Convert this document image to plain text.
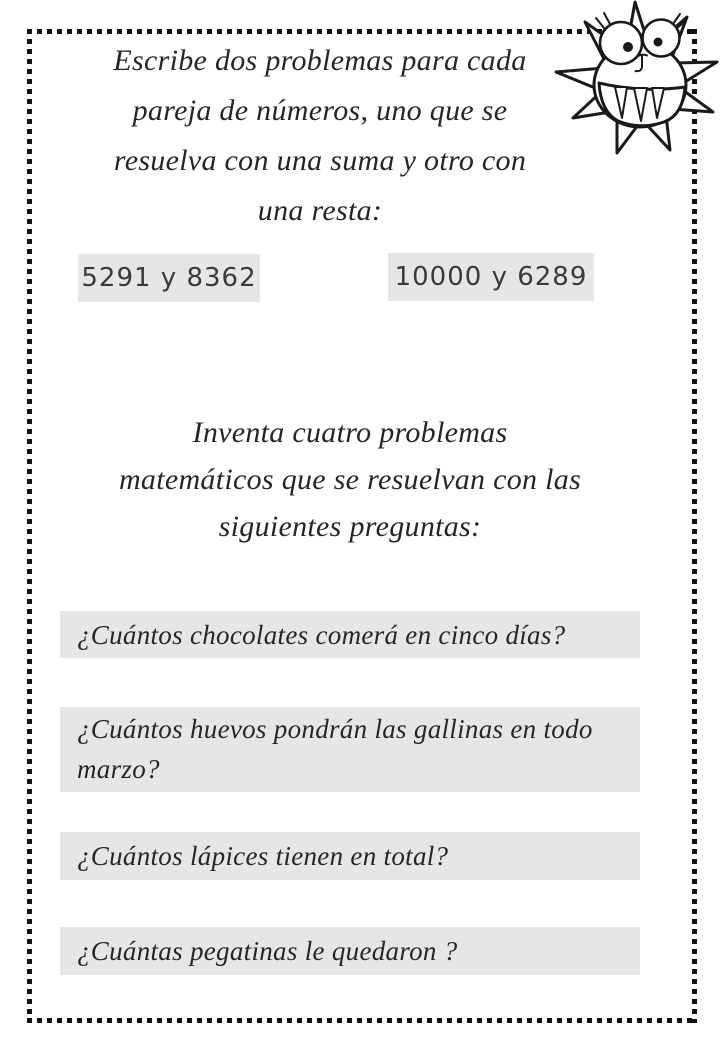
Escribe dos problemas para cada
pareja de números, uno que se
resuelva con una suma y otro con
una resta:
5291 y 8362	10000 y 6289
Inventa cuatro problemas
matemáticos que se resuelvan con las
siguientes preguntas:
¿Cuántos chocolates comerá en cinco días?
¿Cuántos huevos pondrán las gallinas en todo marzo?
¿Cuántos lápices tienen en total?
¿Cuántas pegatinas le quedaron ?
